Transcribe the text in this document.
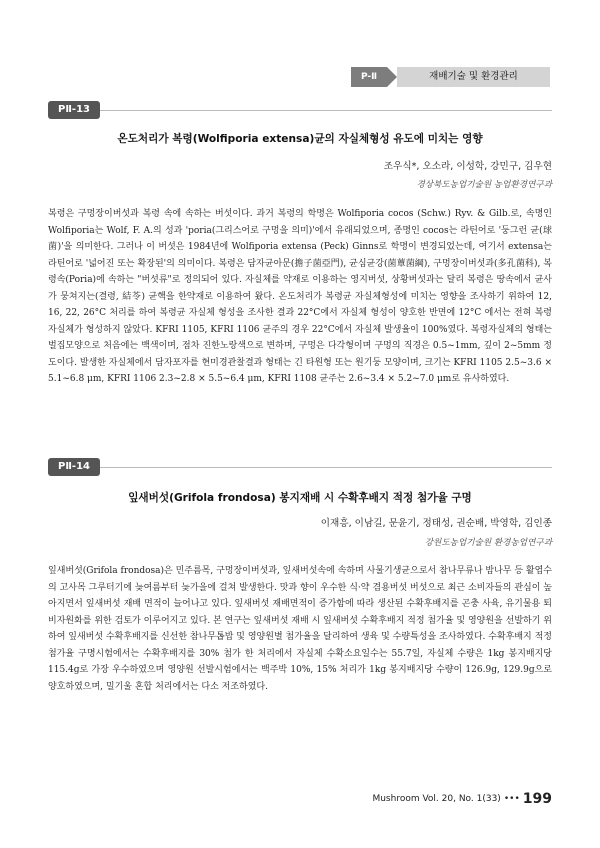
P-Ⅱ	재배기술 및 환경관리
PⅡ-13
온도처리가 복령(Wolfiporia extensa)균의 자실체형성 유도에 미치는 영향
조우식*, 오소라, 이성학, 강민구, 김우현
경상북도농업기술원 농업환경연구과
복령은 구멍장이버섯과 복령 속에 속하는 버섯이다. 과거 복령의 학명은 Wolfiporia cocos (Schw.) Ryv. & Gilb.로, 속명인 Wolfiporia는 Wolf, F. A.의 성과 'poria(그리스어로 구멍을 의미)'에서 유래되었으며, 종명인 cocos는 라틴어로 '둥그런 균(球菌)'을 의미한다. 그러나 이 버섯은 1984년에 Wolfiporia extensa (Peck) Ginns로 학명이 변경되었는데, 여기서 extensa는 라틴어로 '넓어진 또는 확장된'의 의미이다. 복령은 담자균아문(擔子菌亞門), 균심균강(菌蕈菌綱), 구멍장이버섯과(多孔菌科), 복령속(Poria)에 속하는 "버섯류"로 정의되어 있다. 자실체를 약재로 이용하는 영지버섯, 상황버섯과는 달리 복령은 땅속에서 균사가 뭉쳐지는(결령, 結苓) 균핵을 한약재로 이용하여 왔다. 온도처리가 복령균 자실체형성에 미치는 영향을 조사하기 위하여 12, 16, 22, 26°C 처리를 하여 복령균 자실체 형성을 조사한 결과 22°C에서 자실체 형성이 양호한 반면에 12°C 에서는 전혀 복령자실체가 형성하지 않았다. KFRI 1105, KFRI 1106 균주의 경우 22°C에서 자실체 발생율이 100%였다. 복령자실체의 형태는 벌집모양으로 처음에는 백색이며, 점차 진한노랑색으로 변하며, 구멍은 다각형이며 구멍의 직경은 0.5~1mm, 깊이 2~5mm 정도이다. 발생한 자실체에서 담자포자를 현미경관찰결과 형태는 긴 타원형 또는 원기둥 모양이며, 크기는 KFRI 1105 2.5~3.6 × 5.1~6.8 μm, KFRI 1106 2.3~2.8 × 5.5~6.4 μm, KFRI 1108 균주는 2.6~3.4 × 5.2~7.0 μm로 유사하였다.
PⅡ-14
잎새버섯(Grifola frondosa) 봉지재배 시 수확후배지 적정 첨가율 구명
이재흥, 이남길, 문윤기, 정태성, 권순배, 박영학, 김인종
강원도농업기술원 환경농업연구과
잎새버섯(Grifola frondosa)은 민주름목, 구멍장이버섯과, 잎새버섯속에 속하며 사물기생균으로서 참나무류나 밤나무 등 활엽수의 고사목 그루터기에 늦여름부터 늦가을에 걸쳐 발생한다. 맛과 향이 우수한 식·약 겸용버섯 버섯으로 최근 소비자들의 관심이 높아지면서 잎새버섯 재배 면적이 늘어나고 있다. 잎새버섯 재배면적이 증가함에 따라 생산된 수확후배지를 곤충 사육, 유기물용 퇴비자원화를 위한 검토가 이루어지고 있다. 본 연구는 잎새버섯 재배 시 잎새버섯 수확후배지 적정 첨가율 및 영양원을 선발하기 위하여 잎새버섯 수확후배지를 신선한 참나무톱밥 및 영양원별 첨가율을 달리하여 생육 및 수량특성을 조사하였다. 수확후배지 적정 첨가율 구명시험에서는 수확후배지를 30% 첨가 한 처리에서 자실체 수확소요일수는 55.7일, 자실체 수량은 1kg 봉지배지당 115.4g로 가장 우수하였으며 영양원 선발시험에서는 백주박 10%, 15% 처리가 1kg 봉지배지당 수량이 126.9g, 129.9g으로 양호하였으며, 밀기울 혼합 처리에서는 다소 저조하였다.
Mushroom Vol. 20, No. 1(33) ••• 199
